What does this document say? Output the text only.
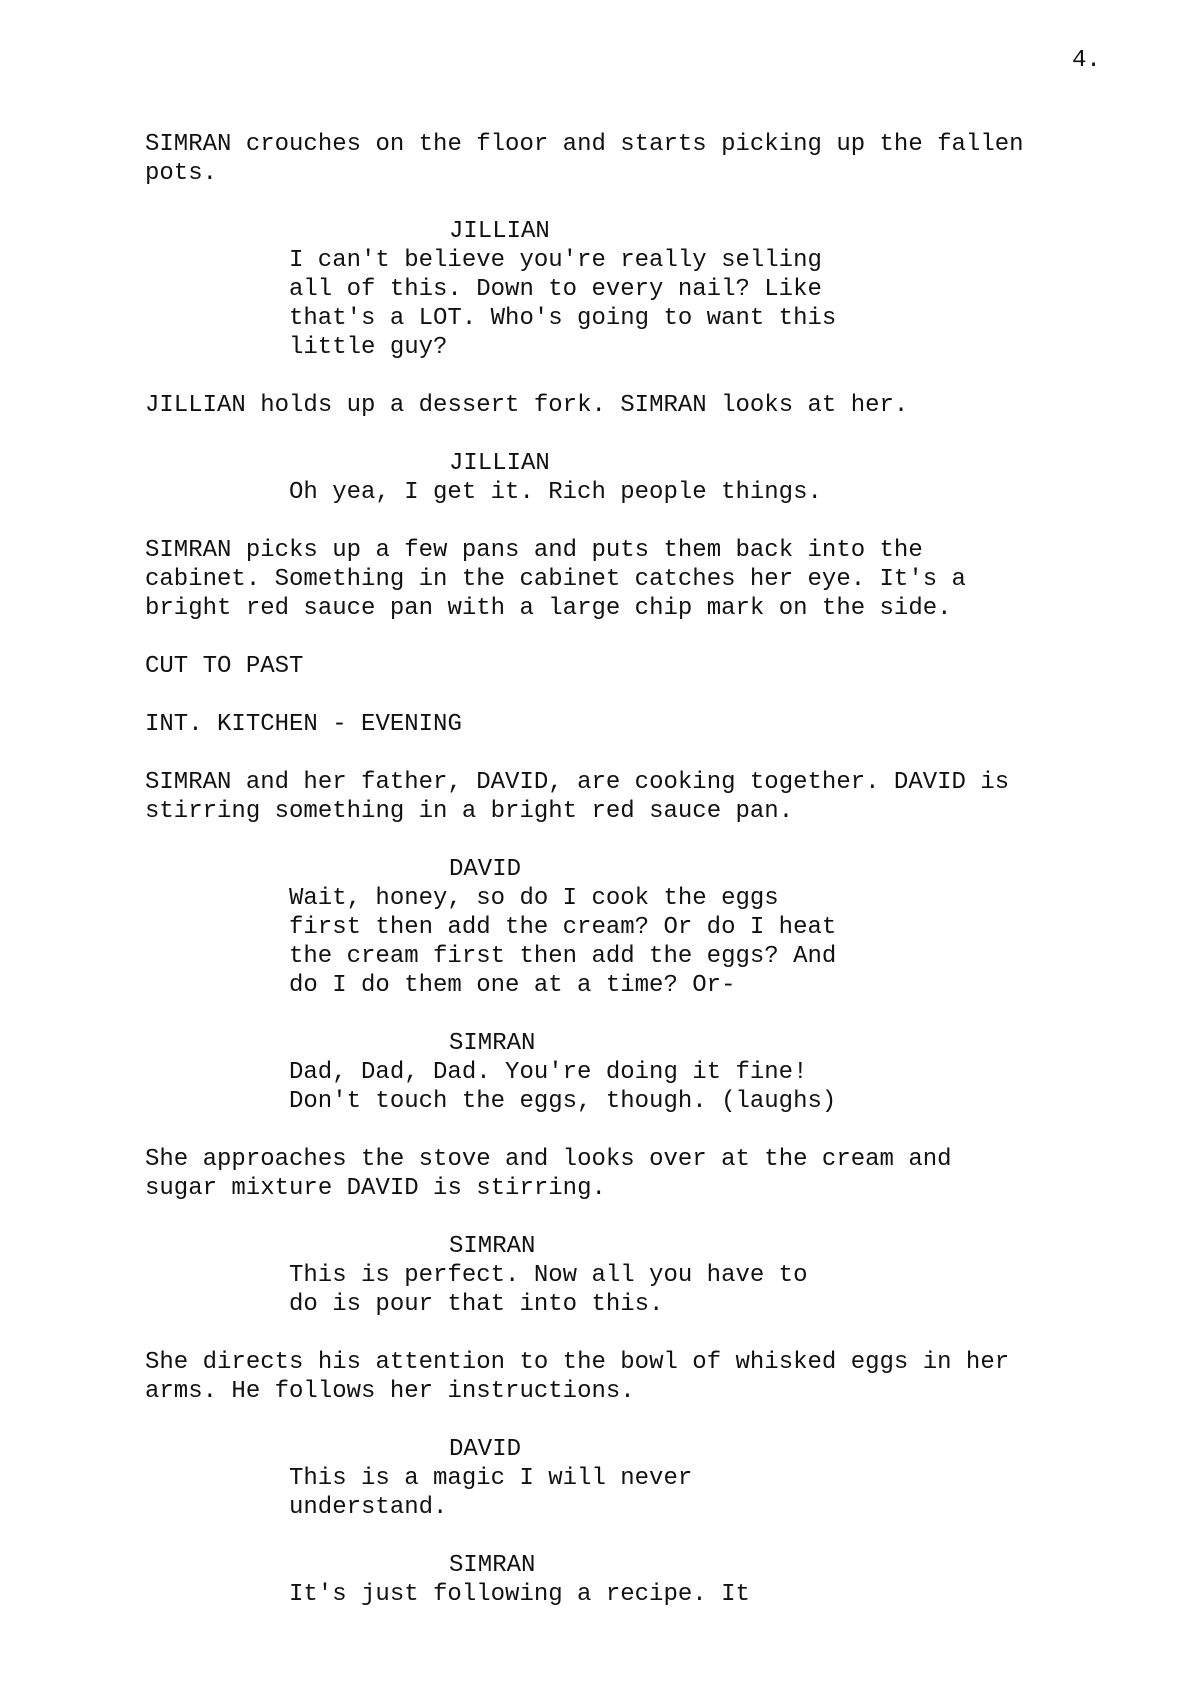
4.

SIMRAN crouches on the floor and starts picking up the fallen
pots.

JILLIAN

I can't believe you're really selling
all of this. Down to every nail? Like
that's a LOT. Who's going to want this
little guy?

JILLIAN holds up a dessert fork. SIMRAN looks at her.

JILLIAN

Oh yea, I get it. Rich people things.

SIMRAN picks up a few pans and puts them back into the
cabinet. Something in the cabinet catches her eye. It's a
bright red sauce pan with a large chip mark on the side.

CUT TO PAST

INT. KITCHEN - EVENING

SIMRAN and her father, DAVID, are cooking together. DAVID is
stirring something in a bright red sauce pan.

DAVID

Wait, honey, so do I cook the eggs
first then add the cream? Or do I heat
the cream first then add the eggs? And
do I do them one at a time? Or-

SIMRAN

Dad, Dad, Dad. You're doing it fine!
Don't touch the eggs, though. (laughs)

She approaches the stove and looks over at the cream and
sugar mixture DAVID is stirring.

SIMRAN

This is perfect. Now all you have to
do is pour that into this.

She directs his attention to the bowl of whisked eggs in her
arms. He follows her instructions.

DAVID

This is a magic I will never
understand.

SIMRAN

It's just following a recipe. It
